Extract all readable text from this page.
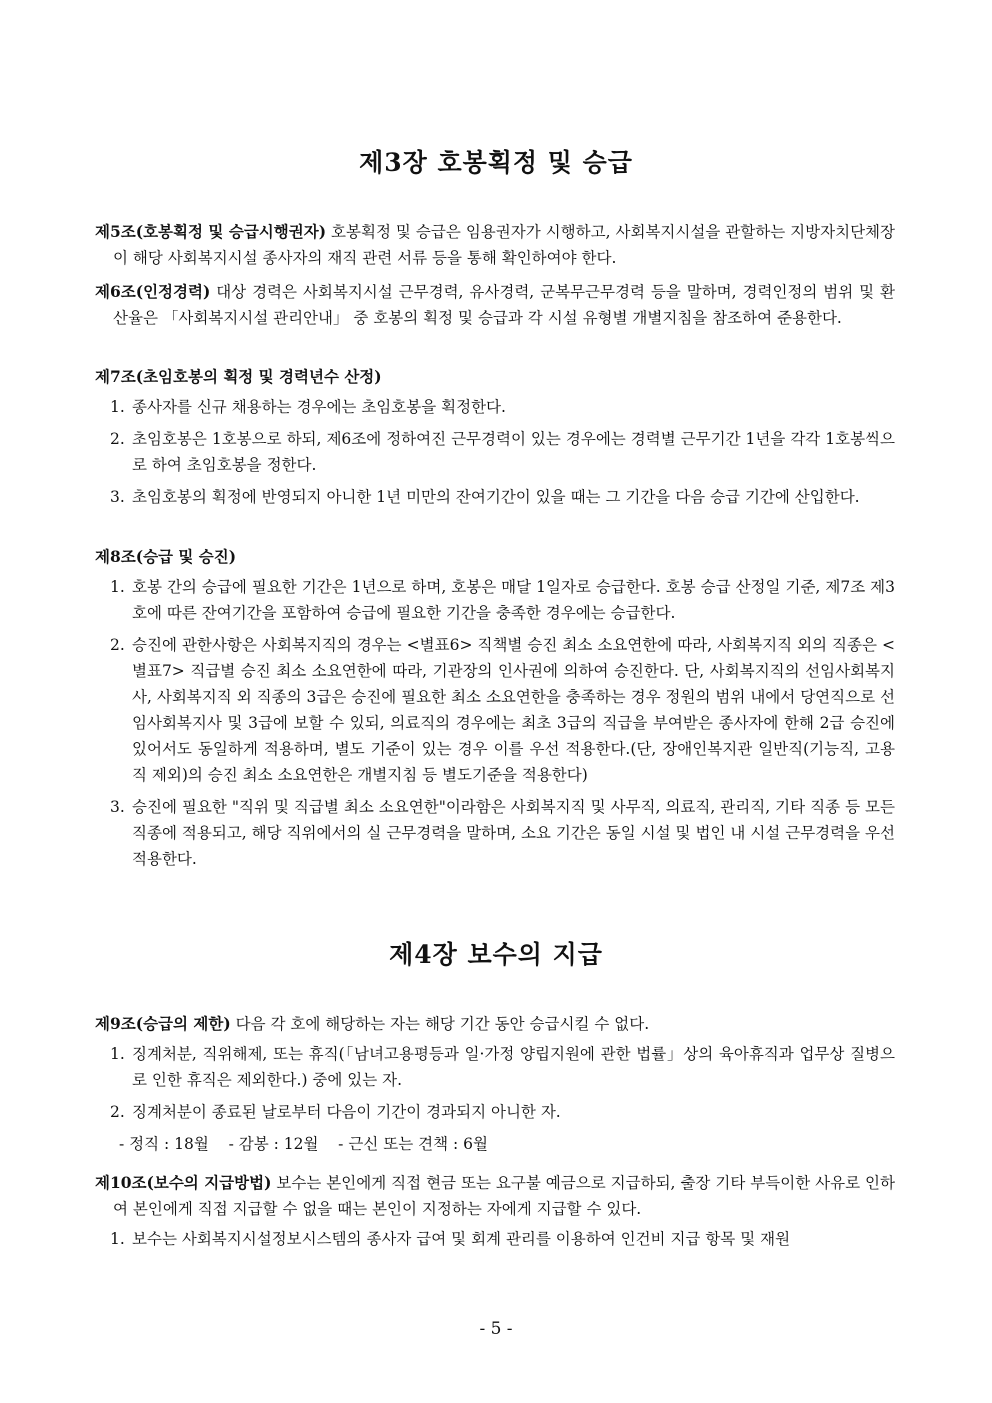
제3장 호봉획정 및 승급

제5조(호봉획정 및 승급시행권자) 호봉획정 및 승급은 임용권자가 시행하고, 사회복지시설을 관할하는 지방자치단체장이 해당 사회복지시설 종사자의 재직 관련 서류 등을 통해 확인하여야 한다.

제6조(인정경력) 대상 경력은 사회복지시설 근무경력, 유사경력, 군복무근무경력 등을 말하며, 경력인정의 범위 및 환산율은 「사회복지시설 관리안내」 중 호봉의 획정 및 승급과 각 시설 유형별 개별지침을 참조하여 준용한다.

제7조(초임호봉의 획정 및 경력년수 산정)

1. 종사자를 신규 채용하는 경우에는 초임호봉을 획정한다.
2. 초임호봉은 1호봉으로 하되, 제6조에 정하여진 근무경력이 있는 경우에는 경력별 근무기간 1년을 각각 1호봉씩으로 하여 초임호봉을 정한다.
3. 초임호봉의 획정에 반영되지 아니한 1년 미만의 잔여기간이 있을 때는 그 기간을 다음 승급 기간에 산입한다.

제8조(승급 및 승진)

1. 호봉 간의 승급에 필요한 기간은 1년으로 하며, 호봉은 매달 1일자로 승급한다. 호봉 승급 산정일 기준, 제7조 제3호에 따른 잔여기간을 포함하여 승급에 필요한 기간을 충족한 경우에는 승급한다.
2. 승진에 관한사항은 사회복지직의 경우는 <별표6> 직책별 승진 최소 소요연한에 따라, 사회복지직 외의 직종은 <별표7> 직급별 승진 최소 소요연한에 따라, 기관장의 인사권에 의하여 승진한다. 단, 사회복지직의 선임사회복지사, 사회복지직 외 직종의 3급은 승진에 필요한 최소 소요연한을 충족하는 경우 정원의 범위 내에서 당연직으로 선임사회복지사 및 3급에 보할 수 있되, 의료직의 경우에는 최초 3급의 직급을 부여받은 종사자에 한해 2급 승진에 있어서도 동일하게 적용하며, 별도 기준이 있는 경우 이를 우선 적용한다.(단, 장애인복지관 일반직(기능직, 고용직 제외)의 승진 최소 소요연한은 개별지침 등 별도기준을 적용한다)
3. 승진에 필요한 "직위 및 직급별 최소 소요연한"이라함은 사회복지직 및 사무직, 의료직, 관리직, 기타 직종 등 모든 직종에 적용되고, 해당 직위에서의 실 근무경력을 말하며, 소요 기간은 동일 시설 및 법인 내 시설 근무경력을 우선 적용한다.
제4장 보수의 지급

제9조(승급의 제한) 다음 각 호에 해당하는 자는 해당 기간 동안 승급시킬 수 없다.

1. 징계처분, 직위해제, 또는 휴직(「남녀고용평등과 일·가정 양립지원에 관한 법률」상의 육아휴직과 업무상 질병으로 인한 휴직은 제외한다.) 중에 있는 자.
2. 징계처분이 종료된 날로부터 다음이 기간이 경과되지 아니한 자.
- 정직 : 18월    - 감봉 : 12월    - 근신 또는 견책 : 6월

제10조(보수의 지급방법) 보수는 본인에게 직접 현금 또는 요구불 예금으로 지급하되, 출장 기타 부득이한 사유로 인하여 본인에게 직접 지급할 수 없을 때는 본인이 지정하는 자에게 지급할 수 있다.

1. 보수는 사회복지시설정보시스템의 종사자 급여 및 회계 관리를 이용하여 인건비 지급 항목 및 재원
- 5 -
